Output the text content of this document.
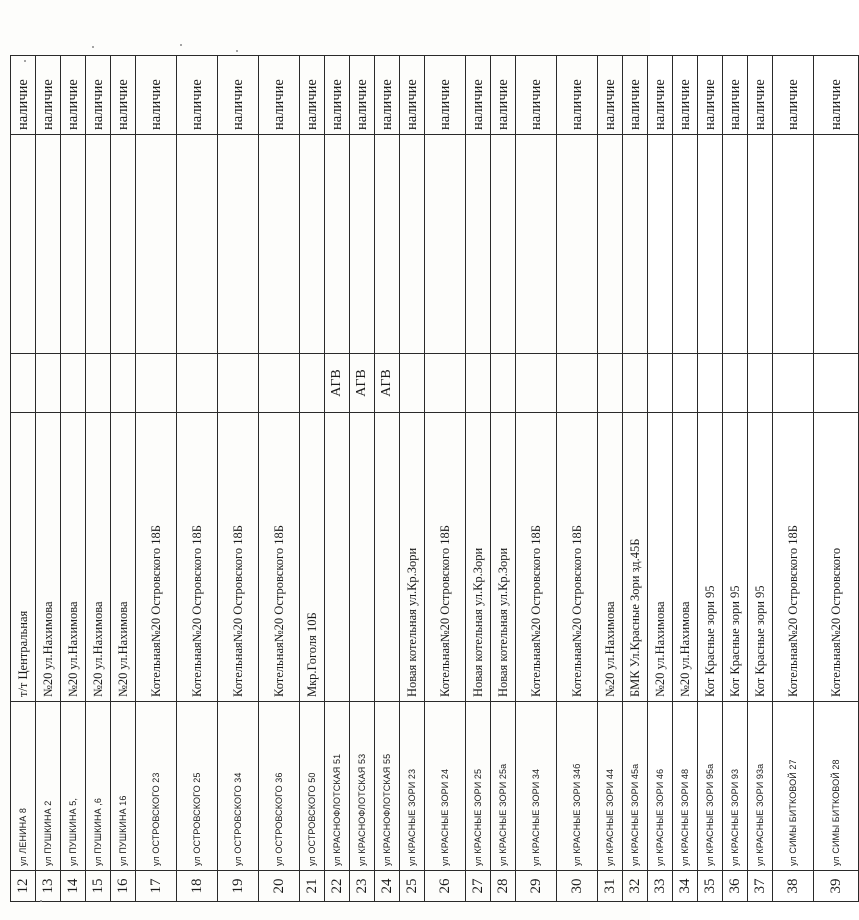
12	ул ЛЕНИНА 8	т/т Центральная			наличие
13	ул ПУШКИНА 2	№20 ул.Нахимова			наличие
14	ул ПУШКИНА 5,	№20 ул.Нахимова			наличие
15	ул ПУШКИНА ,6	№20 ул.Нахимова			наличие
16	ул ПУШКИНА 16	№20 ул.Нахимова			наличие
17	ул ОСТРОВСКОГО 23	Котельная№20 Островского 18Б			наличие
18	ул ОСТРОВСКОГО 25	Котельная№20 Островского 18Б			наличие
19	ул ОСТРОВСКОГО 34	Котельная№20 Островского 18Б			наличие
20	ул ОСТРОВСКОГО 36	Котельная№20 Островского 18Б			наличие
21	ул ОСТРОВСКОГО 50	Мкр.Гоголя 10Б			наличие
22	ул КРАСНОФЛОТСКАЯ 51		АГВ		наличие
23	ул КРАСНОФЛОТСКАЯ 53		АГВ		наличие
24	ул КРАСНОФЛОТСКАЯ 55		АГВ		наличие
25	ул КРАСНЫЕ ЗОРИ 23	Новая котельная ул.Кр.Зори			наличие
26	ул КРАСНЫЕ ЗОРИ 24	Котельная№20 Островского 18Б			наличие
27	ул КРАСНЫЕ ЗОРИ 25	Новая котельная ул.Кр.Зори			наличие
28	ул КРАСНЫЕ ЗОРИ 25а	Новая котельная ул.Кр.Зори			наличие
29	ул КРАСНЫЕ ЗОРИ 34	Котельная№20 Островского 18Б			наличие
30	ул КРАСНЫЕ ЗОРИ 34б	Котельная№20 Островского 18Б			наличие
31	ул КРАСНЫЕ ЗОРИ 44	№20 ул.Нахимова			наличие
32	ул КРАСНЫЕ ЗОРИ 45а	БМК Ул.Красные Зори зд.45Б			наличие
33	ул КРАСНЫЕ ЗОРИ 46	№20 ул.Нахимова			наличие
34	ул КРАСНЫЕ ЗОРИ 48	№20 ул.Нахимова			наличие
35	ул КРАСНЫЕ ЗОРИ 95а	Кот Красные зори 95			наличие
36	ул КРАСНЫЕ ЗОРИ 93	Кот Красные зори 95			наличие
37	ул КРАСНЫЕ ЗОРИ 93а	Кот Красные зори 95			наличие
38	ул СИМЫ БИТКОВОЙ 27	Котельная№20 Островского 18Б			наличие
39	ул СИМЫ БИТКОВОЙ 28	Котельная№20 Островского			наличие
